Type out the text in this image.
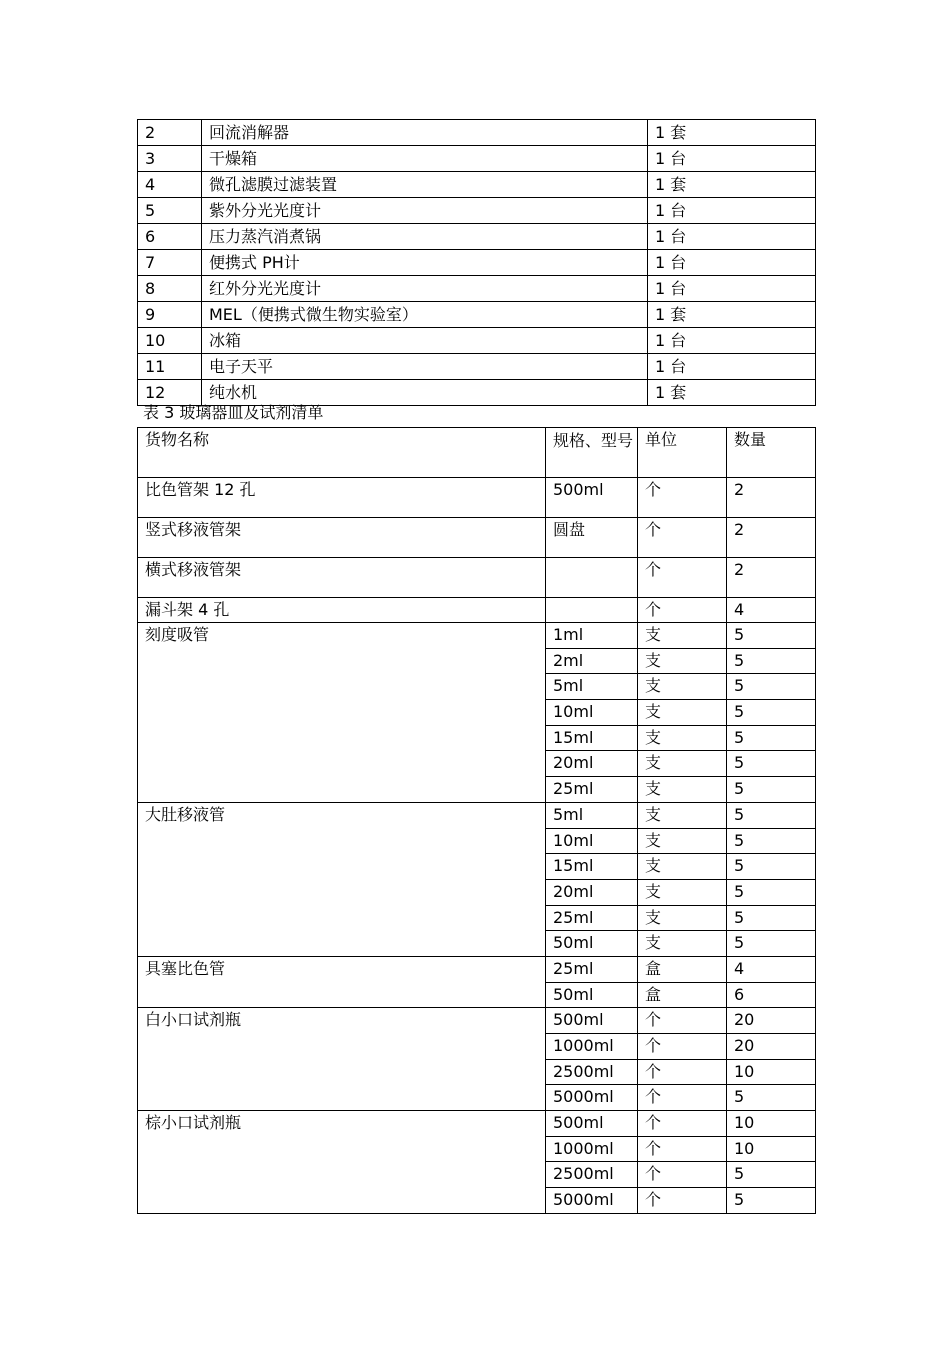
2	回流消解器	1 套
3	干燥箱	1 台
4	微孔滤膜过滤装置	1 套
5	紫外分光光度计	1 台
6	压力蒸汽消煮锅	1 台
7	便携式 PH计	1 台
8	红外分光光度计	1 台
9	MEL（便携式微生物实验室）	1 套
10	冰箱	1 台
11	电子天平	1 台
12	纯水机	1 套
表 3 玻璃器皿及试剂清单
货物名称	规格、型号	单位	数量
比色管架 12 孔	500ml	个	2
竖式移液管架	圆盘	个	2
横式移液管架		个	2
漏斗架 4 孔		个	4
刻度吸管	1ml	支	5
	2ml	支	5
	5ml	支	5
	10ml	支	5
	15ml	支	5
	20ml	支	5
	25ml	支	5
大肚移液管	5ml	支	5
	10ml	支	5
	15ml	支	5
	20ml	支	5
	25ml	支	5
	50ml	支	5
具塞比色管	25ml	盒	4
	50ml	盒	6
白小口试剂瓶	500ml	个	20
	1000ml	个	20
	2500ml	个	10
	5000ml	个	5
棕小口试剂瓶	500ml	个	10
	1000ml	个	10
	2500ml	个	5
	5000ml	个	5
